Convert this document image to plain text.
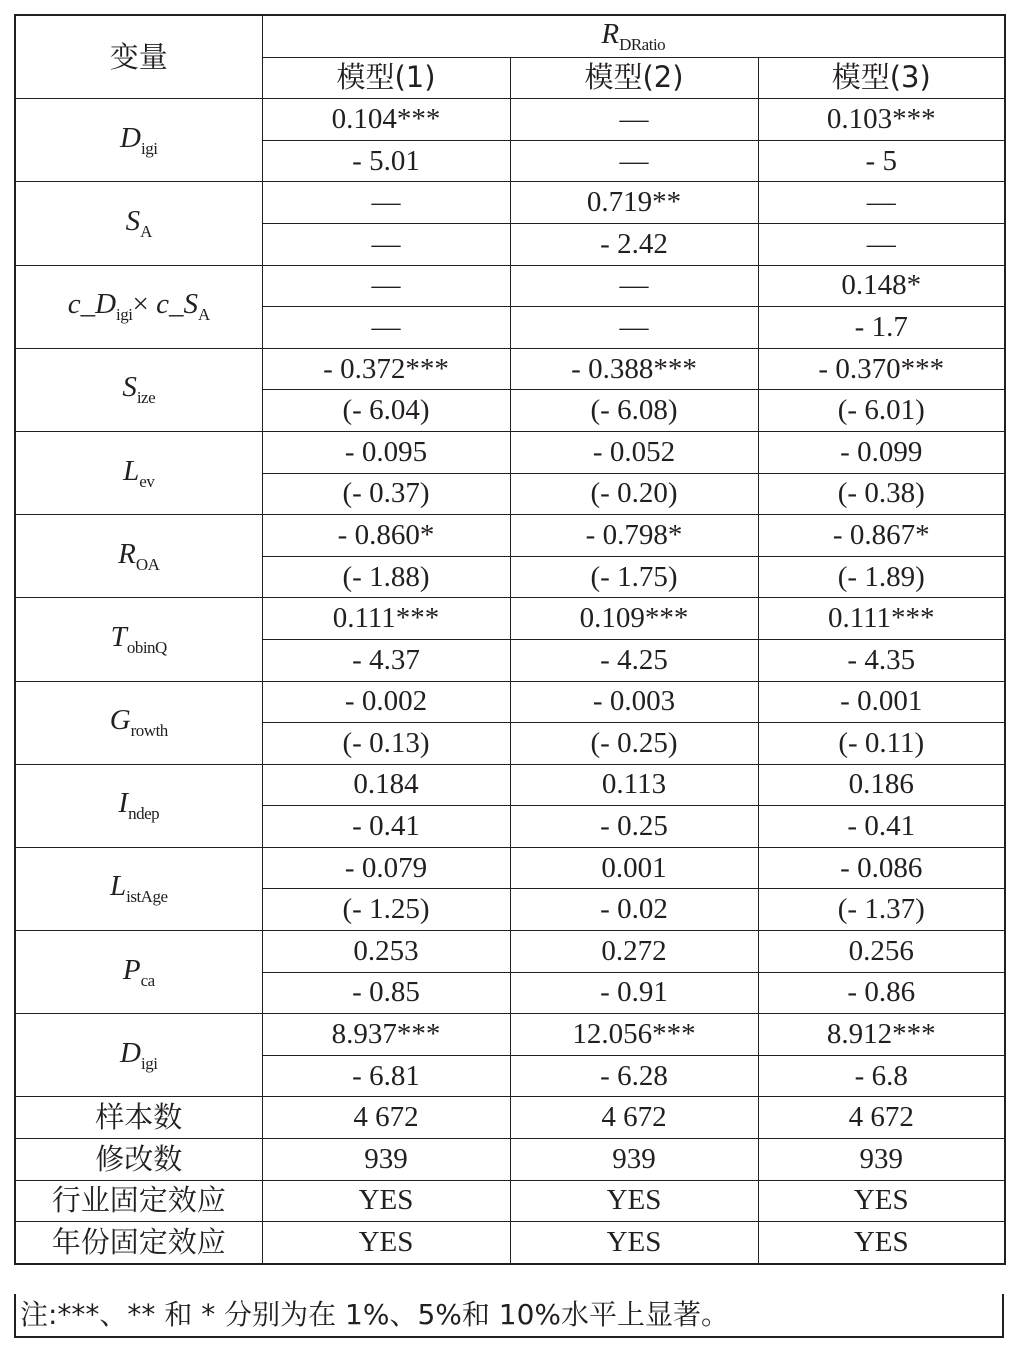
变量	$R_{DRatio}$
	模型(1)	模型(2)	模型(3)
$D_{igi}$	0.104***	—	0.103***
	- 5.01	—	- 5
$S_A$	—	0.719**	—
	—	- 2.42	—
$c\_D_{igi}\times$ $c\_S_A$	—	—	0.148*
	—	—	- 1.7
$S_{ize}$	- 0.372***	- 0.388***	- 0.370***
	(- 6.04)	(- 6.08)	(- 6.01)
$L_{ev}$	- 0.095	- 0.052	- 0.099
	(- 0.37)	(- 0.20)	(- 0.38)
$R_{OA}$	- 0.860*	- 0.798*	- 0.867*
	(- 1.88)	(- 1.75)	(- 1.89)
$T_{obinQ}$	0.111***	0.109***	0.111***
	- 4.37	- 4.25	- 4.35
$G_{rowth}$	- 0.002	- 0.003	- 0.001
	(- 0.13)	(- 0.25)	(- 0.11)
$I_{ndep}$	0.184	0.113	0.186
	- 0.41	- 0.25	- 0.41
$L_{istAge}$	- 0.079	0.001	- 0.086
	(- 1.25)	- 0.02	(- 1.37)
$P_{ca}$	0.253	0.272	0.256
	- 0.85	- 0.91	- 0.86
$D_{igi}$	8.937***	12.056***	8.912***
	- 6.81	- 6.28	- 6.8
样本数	4 672	4 672	4 672
修改数	939	939	939
行业固定效应	YES	YES	YES
年份固定效应	YES	YES	YES
注:***、** 和 * 分别为在 1%、5%和 10%水平上显著。
